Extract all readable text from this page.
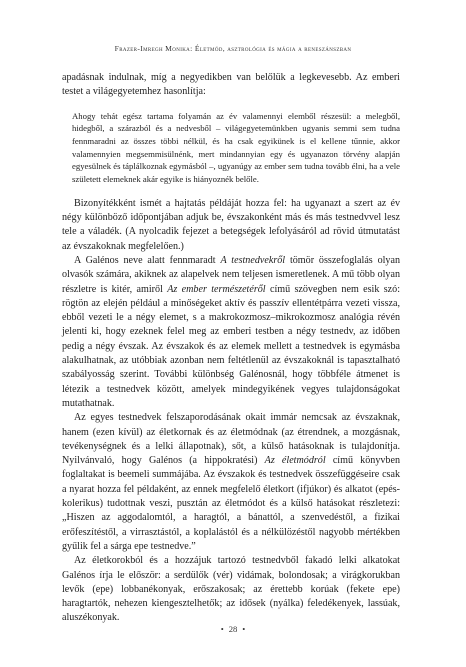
Frazer-Imregh Monika: Életmód, asztrológia és mágia a reneszánszban

apadásnak indulnak, míg a negyedikben van belőlük a legkevesebb. Az emberi testet a világegyetemhez hasonlítja:

Ahogy tehát egész tartama folyamán az év valamennyi elemből részesül: a melegből, hidegből, a szárazból és a nedvesből – világegyetemünkben ugyanis semmi sem tudna fennmaradni az összes többi nélkül, és ha csak egyikünek is el kellene tűnnie, akkor valamennyien megsemmisülnénk, mert mindannyian egy és ugyanazon törvény alapján egyesülnek és táplálkoznak egymásból –, ugyanúgy az ember sem tudna tovább élni, ha a vele született elemeknek akár egyike is hiányoznék belőle.

Bizonyítékként ismét a hajtatás példáját hozza fel: ha ugyanazt a szert az év négy különböző időpontjában adjuk be, évszakonként más és más testnedvvel lesz tele a váladék. (A nyolcadik fejezet a betegségek lefolyásáról ad rövid útmutatást az évszakoknak megfelelően.)

A Galénos neve alatt fennmaradt A testnedvekről tömör összefoglalás olyan olvasók számára, akiknek az alapelvek nem teljesen ismeretlenek. A mű több olyan részletre is kitér, amiről Az ember természetéről című szövegben nem esik szó: rögtön az elején például a minőségeket aktív és passzív ellentétpárra vezeti vissza, ebből vezeti le a négy elemet, s a makrokozmosz–mikrokozmosz analógia révén jelenti ki, hogy ezeknek felel meg az emberi testben a négy testnedv, az időben pedig a négy évszak. Az évszakok és az elemek mellett a testnedvek is egymásba alakulhatnak, az utóbbiak azonban nem feltétlenül az évszakoknál is tapasztalható szabályosság szerint. További különbség Galénosnál, hogy többféle átmenet is létezik a testnedvek között, amelyek mindegyikének vegyes tulajdonságokat mutathatnak.

Az egyes testnedvek felszaporodásának okait immár nemcsak az évszaknak, hanem (ezen kívül) az életkornak és az életmódnak (az étrendnek, a mozgásnak, tevékenységnek és a lelki állapotnak), sőt, a külső hatásoknak is tulajdonítja. Nyilvánvaló, hogy Galénos (a hippokratési) Az életmódról című könyvben foglaltakat is beemeli summájába. Az évszakok és testnedvek összefüggéseire csak a nyarat hozza fel példaként, az ennek megfelelő életkort (ifjúkor) és alkatot (epés-kolerikus) tudottnak veszi, pusztán az életmódot és a külső hatásokat részletezi: „Hiszen az aggodalomtól, a haragtól, a bánattól, a szenvedéstől, a fizikai erőfeszítéstől, a virrasztástól, a koplalástól és a nélkülözéstől nagyobb mértékben gyűlik fel a sárga epe testnedve.”

Az életkorokból és a hozzájuk tartozó testnedvből fakadó lelki alkatokat Galénos írja le először: a serdülők (vér) vidámak, bolondosak; a virágkorukban levők (epe) lobbanékonyak, erőszakosak; az érettebb korúak (fekete epe) haragtartók, nehezen kiengesztelhetők; az idősek (nyálka) feledékenyek, lassúak, aluszékonyak.

• 28 •
